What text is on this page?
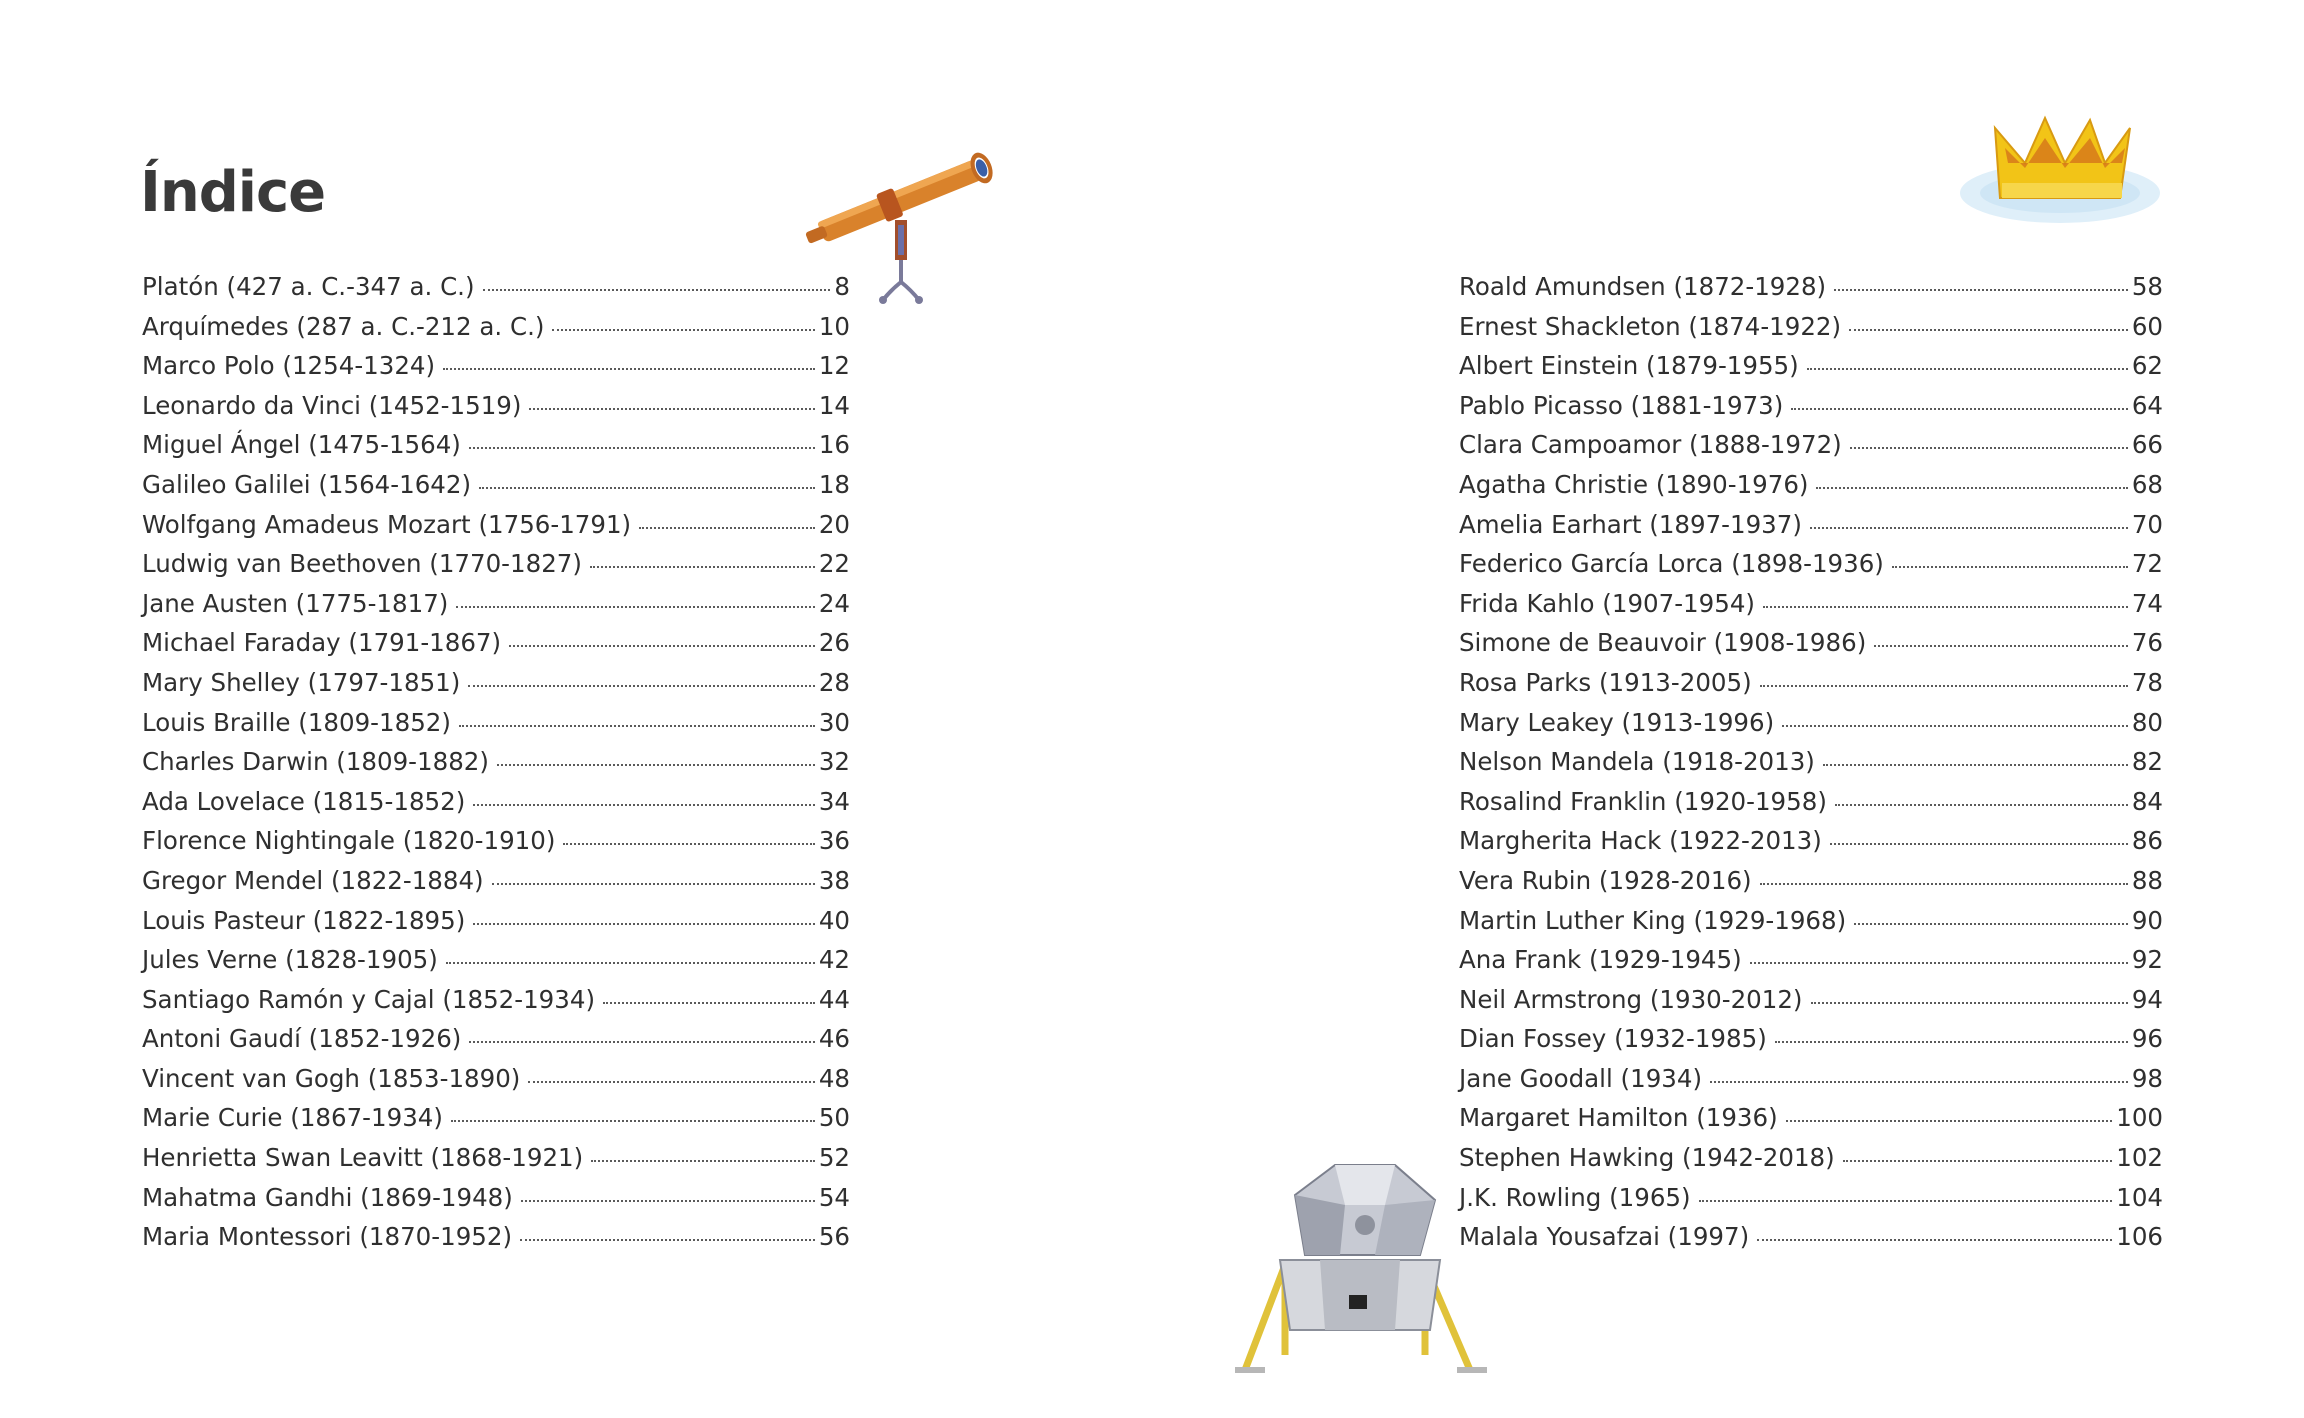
Índice
Platón (427 a. C.-347 a. C.)	8
Arquímedes (287 a. C.-212 a. C.)	10
Marco Polo (1254-1324)	12
Leonardo da Vinci (1452-1519)	14
Miguel Ángel (1475-1564)	16
Galileo Galilei (1564-1642)	18
Wolfgang Amadeus Mozart (1756-1791)	20
Ludwig van Beethoven (1770-1827)	22
Jane Austen (1775-1817)	24
Michael Faraday (1791-1867)	26
Mary Shelley (1797-1851)	28
Louis Braille (1809-1852)	30
Charles Darwin (1809-1882)	32
Ada Lovelace (1815-1852)	34
Florence Nightingale (1820-1910)	36
Gregor Mendel (1822-1884)	38
Louis Pasteur (1822-1895)	40
Jules Verne (1828-1905)	42
Santiago Ramón y Cajal (1852-1934)	44
Antoni Gaudí (1852-1926)	46
Vincent van Gogh (1853-1890)	48
Marie Curie (1867-1934)	50
Henrietta Swan Leavitt (1868-1921)	52
Mahatma Gandhi (1869-1948)	54
Maria Montessori (1870-1952)	56
Roald Amundsen (1872-1928)	58
Ernest Shackleton (1874-1922)	60
Albert Einstein (1879-1955)	62
Pablo Picasso (1881-1973)	64
Clara Campoamor (1888-1972)	66
Agatha Christie (1890-1976)	68
Amelia Earhart (1897-1937)	70
Federico García Lorca (1898-1936)	72
Frida Kahlo (1907-1954)	74
Simone de Beauvoir (1908-1986)	76
Rosa Parks (1913-2005)	78
Mary Leakey (1913-1996)	80
Nelson Mandela (1918-2013)	82
Rosalind Franklin (1920-1958)	84
Margherita Hack (1922-2013)	86
Vera Rubin (1928-2016)	88
Martin Luther King (1929-1968)	90
Ana Frank (1929-1945)	92
Neil Armstrong (1930-2012)	94
Dian Fossey (1932-1985)	96
Jane Goodall (1934)	98
Margaret Hamilton (1936)	100
Stephen Hawking (1942-2018)	102
J.K. Rowling (1965)	104
Malala Yousafzai (1997)	106
